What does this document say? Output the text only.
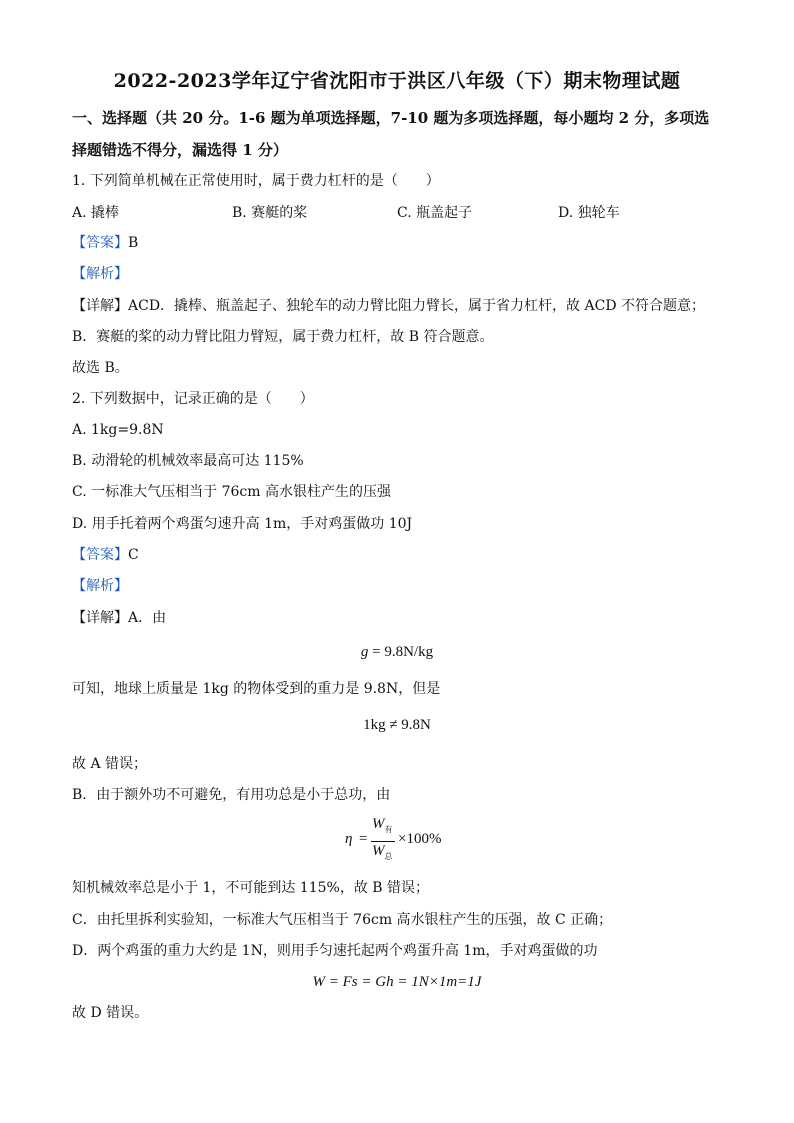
2022-2023学年辽宁省沈阳市于洪区八年级（下）期末物理试题
一、选择题（共 20 分。1-6 题为单项选择题，7-10 题为多项选择题，每小题均 2 分，多项选
择题错选不得分，漏选得 1 分）
1. 下列简单机械在正常使用时，属于费力杠杆的是（　　）
A. 撬棒	B. 赛艇的桨	C. 瓶盖起子	D. 独轮车
【答案】B
【解析】
【详解】ACD．撬棒、瓶盖起子、独轮车的动力臂比阻力臂长，属于省力杠杆，故 ACD 不符合题意；
B．赛艇的桨的动力臂比阻力臂短，属于费力杠杆，故 B 符合题意。
故选 B。
2. 下列数据中，记录正确的是（　　）
A. 1kg=9.8N
B. 动滑轮的机械效率最高可达 115%
C. 一标准大气压相当于 76cm 高水银柱产生的压强
D. 用手托着两个鸡蛋匀速升高 1m，手对鸡蛋做功 10J
【答案】C
【解析】
【详解】A．由
g = 9.8N/kg
可知，地球上质量是 1kg 的物体受到的重力是 9.8N，但是
1kg ≠ 9.8N
故 A 错误；
B．由于额外功不可避免，有用功总是小于总功，由
η =
$W_有$
$W_总$
×100%
知机械效率总是小于 1，不可能到达 115%，故 B 错误；
C．由托里拆利实验知，一标准大气压相当于 76cm 高水银柱产生的压强，故 C 正确；
D．两个鸡蛋的重力大约是 1N，则用手匀速托起两个鸡蛋升高 1m，手对鸡蛋做的功
W = Fs = Gh = 1N×1m=1J
故 D 错误。
